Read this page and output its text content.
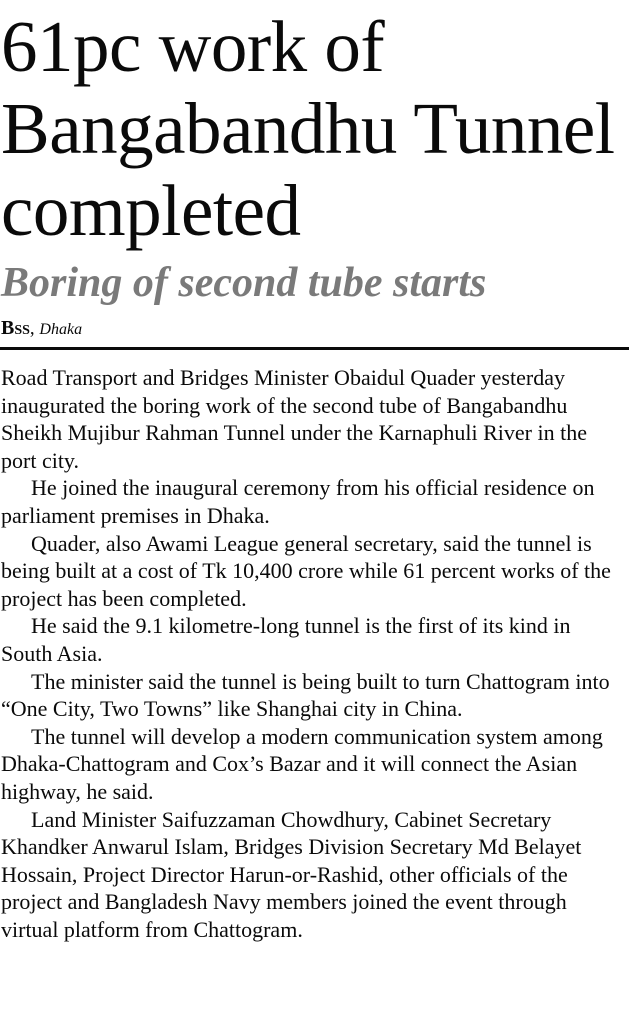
61pc work of Bangabandhu Tunnel completed
Boring of second tube starts
Bss, Dhaka

Road Transport and Bridges Minister Obaidul Quader yesterday inaugurated the boring work of the second tube of Bangabandhu Sheikh Mujibur Rahman Tunnel under the Karnaphuli River in the port city.

He joined the inaugural ceremony from his official residence on parliament premises in Dhaka.

Quader, also Awami League general secretary, said the tunnel is being built at a cost of Tk 10,400 crore while 61 percent works of the project has been completed.

He said the 9.1 kilometre-long tunnel is the first of its kind in South Asia.

The minister said the tunnel is being built to turn Chattogram into “One City, Two Towns” like Shanghai city in China.

The tunnel will develop a modern communication system among Dhaka-Chattogram and Cox’s Bazar and it will connect the Asian highway, he said.

Land Minister Saifuzzaman Chowdhury, Cabinet Secretary Khandker Anwarul Islam, Bridges Division Secretary Md Belayet Hossain, Project Director Harun-or-Rashid, other officials of the project and Bangladesh Navy members joined the event through virtual platform from Chattogram.
